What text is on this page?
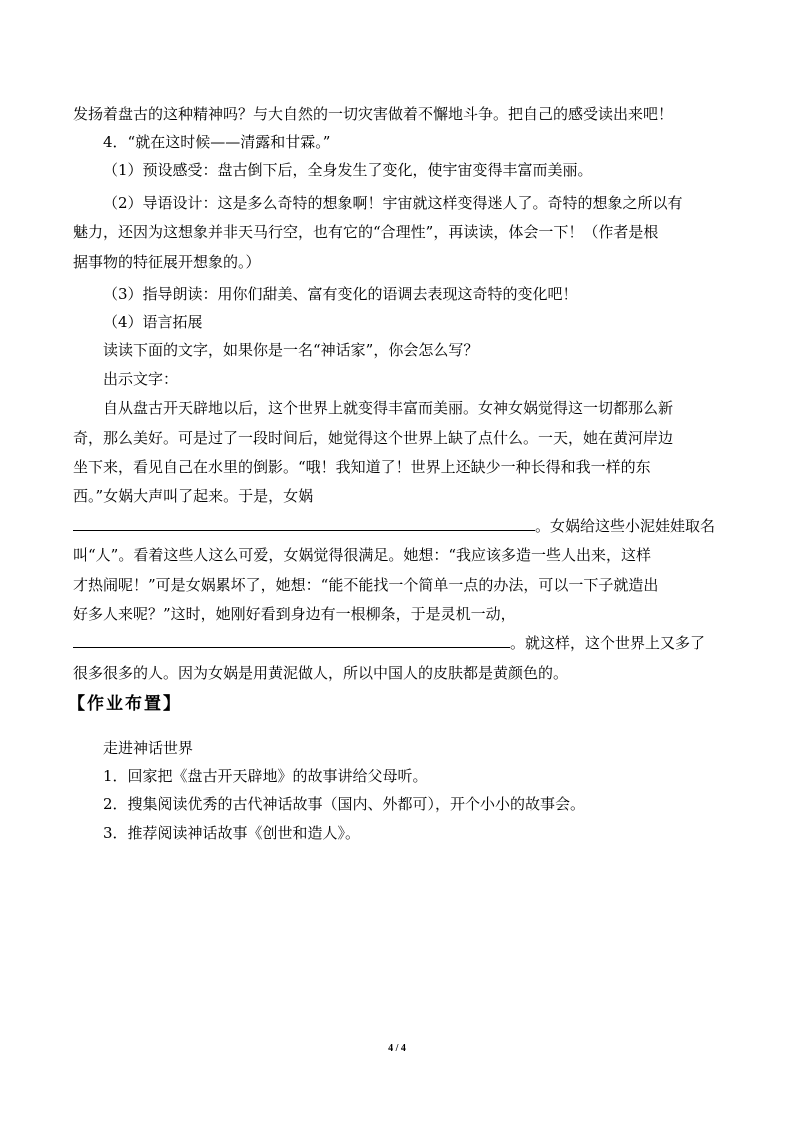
发扬着盘古的这种精神吗？与大自然的一切灾害做着不懈地斗争。把自己的感受读出来吧！
4．“就在这时候——清露和甘霖。”
（1）预设感受：盘古倒下后，全身发生了变化，使宇宙变得丰富而美丽。
（2）导语设计：这是多么奇特的想象啊！宇宙就这样变得迷人了。奇特的想象之所以有
魅力，还因为这想象并非天马行空，也有它的“合理性”，再读读，体会一下！（作者是根
据事物的特征展开想象的。）
（3）指导朗读：用你们甜美、富有变化的语调去表现这奇特的变化吧！
（4）语言拓展
读读下面的文字，如果你是一名“神话家”，你会怎么写？
出示文字：
自从盘古开天辟地以后，这个世界上就变得丰富而美丽。女神女娲觉得这一切都那么新
奇，那么美好。可是过了一段时间后，她觉得这个世界上缺了点什么。一天，她在黄河岸边
坐下来，看见自己在水里的倒影。“哦！我知道了！世界上还缺少一种长得和我一样的东
西。”女娲大声叫了起来。于是，女娲
。女娲给这些小泥娃娃取名
叫“人”。看着这些人这么可爱，女娲觉得很满足。她想：“我应该多造一些人出来，这样
才热闹呢！”可是女娲累坏了，她想：“能不能找一个简单一点的办法，可以一下子就造出
好多人来呢？”这时，她刚好看到身边有一根柳条，于是灵机一动，
。就这样，这个世界上又多了
很多很多的人。因为女娲是用黄泥做人，所以中国人的皮肤都是黄颜色的。
【作业布置】
走进神话世界
1．回家把《盘古开天辟地》的故事讲给父母听。
2．搜集阅读优秀的古代神话故事（国内、外都可），开个小小的故事会。
3．推荐阅读神话故事《创世和造人》。
4 / 4
